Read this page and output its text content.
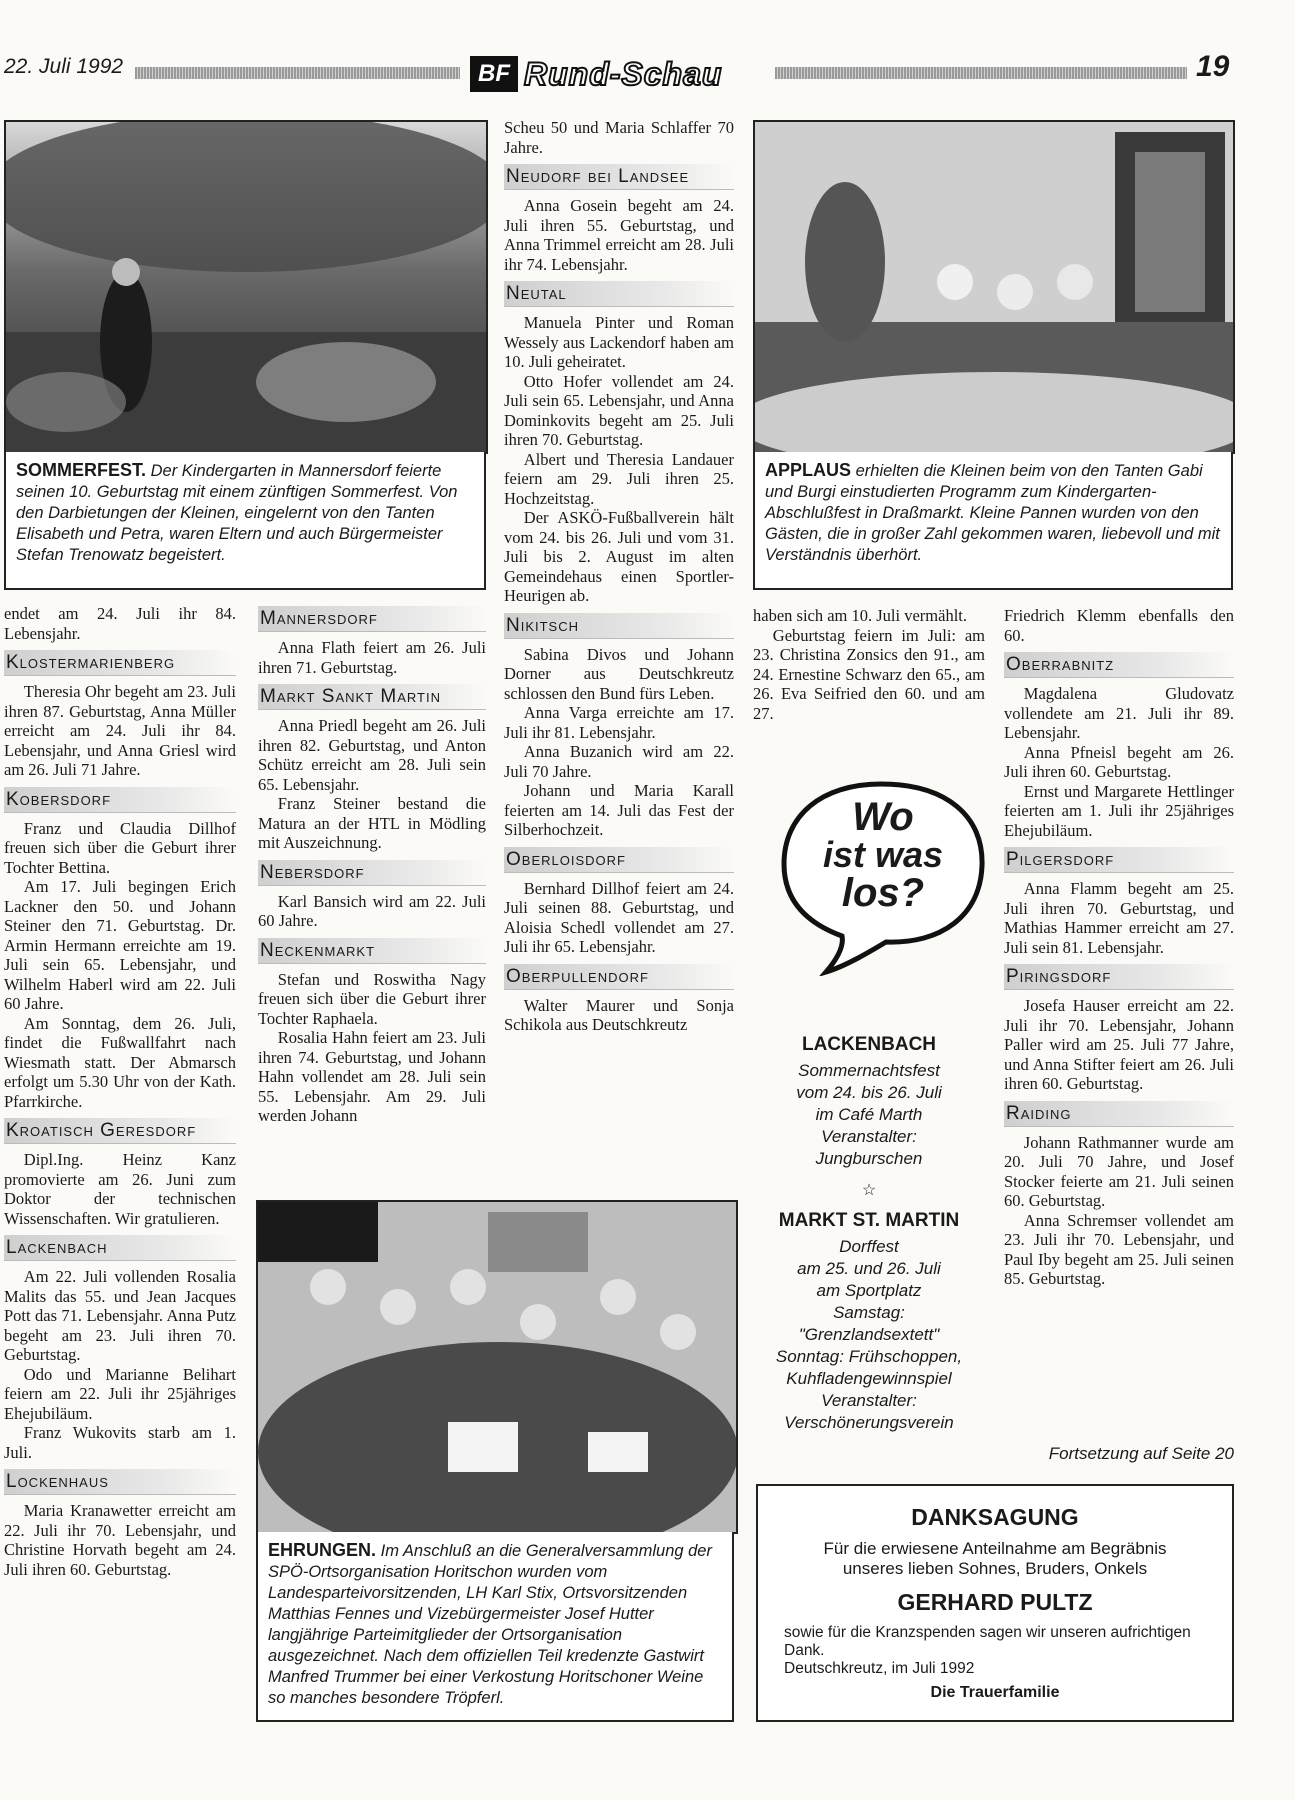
22. Juli 1992	BF Rund-Schau	19
SOMMERFEST. Der Kindergarten in Mannersdorf feierte seinen 10. Geburtstag mit einem zünftigen Sommerfest. Von den Darbietungen der Kleinen, eingelernt von den Tanten Elisabeth und Petra, waren Eltern und auch Bürgermeister Stefan Trenowatz begeistert.
APPLAUS erhielten die Kleinen beim von den Tanten Gabi und Burgi einstudierten Programm zum Kindergarten-Abschlußfest in Draßmarkt. Kleine Pannen wurden von den Gästen, die in großer Zahl gekommen waren, liebevoll und mit Verständnis überhört.

Scheu 50 und Maria Schlaffer 70 Jahre.

Neudorf bei Landsee

Anna Gosein begeht am 24. Juli ihren 55. Geburtstag, und Anna Trimmel erreicht am 28. Juli ihr 74. Lebensjahr.

Neutal

Manuela Pinter und Roman Wessely aus Lackendorf haben am 10. Juli geheiratet.

Otto Hofer vollendet am 24. Juli sein 65. Lebensjahr, und Anna Dominkovits begeht am 25. Juli ihren 70. Geburtstag.

Albert und Theresia Landauer feiern am 29. Juli ihren 25. Hochzeitstag.

Der ASKÖ-Fußballverein hält vom 24. bis 26. Juli und vom 31. Juli bis 2. August im alten Gemeindehaus einen Sportler-Heurigen ab.

Nikitsch

Sabina Divos und Johann Dorner aus Deutschkreutz schlossen den Bund fürs Leben.

Anna Varga erreichte am 17. Juli ihr 81. Lebensjahr.

Anna Buzanich wird am 22. Juli 70 Jahre.

Johann und Maria Karall feierten am 14. Juli das Fest der Silberhochzeit.

Oberloisdorf

Bernhard Dillhof feiert am 24. Juli seinen 88. Geburtstag, und Aloisia Schedl vollendet am 27. Juli ihr 65. Lebensjahr.

Oberpullendorf

Walter Maurer und Sonja Schikola aus Deutschkreutz

endet am 24. Juli ihr 84. Lebensjahr.

Klostermarienberg

Theresia Ohr begeht am 23. Juli ihren 87. Geburtstag, Anna Müller erreicht am 24. Juli ihr 84. Lebensjahr, und Anna Griesl wird am 26. Juli 71 Jahre.

Kobersdorf

Franz und Claudia Dillhof freuen sich über die Geburt ihrer Tochter Bettina.

Am 17. Juli begingen Erich Lackner den 50. und Johann Steiner den 71. Geburtstag. Dr. Armin Hermann erreichte am 19. Juli sein 65. Lebensjahr, und Wilhelm Haberl wird am 22. Juli 60 Jahre.

Am Sonntag, dem 26. Juli, findet die Fußwallfahrt nach Wiesmath statt. Der Abmarsch erfolgt um 5.30 Uhr von der Kath. Pfarrkirche.

Kroatisch Geresdorf

Dipl.Ing. Heinz Kanz promovierte am 26. Juni zum Doktor der technischen Wissenschaften. Wir gratulieren.

Lackenbach

Am 22. Juli vollenden Rosalia Malits das 55. und Jean Jacques Pott das 71. Lebensjahr. Anna Putz begeht am 23. Juli ihren 70. Geburtstag.

Odo und Marianne Belihart feiern am 22. Juli ihr 25jähriges Ehejubiläum.

Franz Wukovits starb am 1. Juli.

Lockenhaus

Maria Kranawetter erreicht am 22. Juli ihr 70. Lebensjahr, und Christine Horvath begeht am 24. Juli ihren 60. Geburtstag.

Mannersdorf

Anna Flath feiert am 26. Juli ihren 71. Geburtstag.

Markt Sankt Martin

Anna Priedl begeht am 26. Juli ihren 82. Geburtstag, und Anton Schütz erreicht am 28. Juli sein 65. Lebensjahr.

Franz Steiner bestand die Matura an der HTL in Mödling mit Auszeichnung.

Nebersdorf

Karl Bansich wird am 22. Juli 60 Jahre.

Neckenmarkt

Stefan und Roswitha Nagy freuen sich über die Geburt ihrer Tochter Raphaela.

Rosalia Hahn feiert am 23. Juli ihren 74. Geburtstag, und Johann Hahn vollendet am 28. Juli sein 55. Lebensjahr. Am 29. Juli werden Johann

EHRUNGEN. Im Anschluß an die Generalversammlung der SPÖ-Ortsorganisation Horitschon wurden vom Landesparteivorsitzenden, LH Karl Stix, Ortsvorsitzenden Matthias Fennes und Vizebürgermeister Josef Hutter langjährige Parteimitglieder der Ortsorganisation ausgezeichnet. Nach dem offiziellen Teil kredenzte Gastwirt Manfred Trummer bei einer Verkostung Horitschoner Weine so manches besondere Tröpferl.

haben sich am 10. Juli vermählt.

Geburtstag feiern im Juli: am 23. Christina Zonsics den 91., am 24. Ernestine Schwarz den 65., am 26. Eva Seifried den 60. und am 27.

Wo
ist was
los?
LACKENBACH
Sommernachtsfest
vom 24. bis 26. Juli
im Café Marth
Veranstalter:
Jungburschen
☆
MARKT ST. MARTIN
Dorffest
am 25. und 26. Juli
am Sportplatz
Samstag:
"Grenzlandsextett"
Sonntag: Frühschoppen,
Kuhfladengewinnspiel
Veranstalter:
Verschönerungsverein

Friedrich Klemm ebenfalls den 60.

Oberrabnitz

Magdalena Gludovatz vollendete am 21. Juli ihr 89. Lebensjahr.

Anna Pfneisl begeht am 26. Juli ihren 60. Geburtstag.

Ernst und Margarete Hettlinger feierten am 1. Juli ihr 25jähriges Ehejubiläum.

Pilgersdorf

Anna Flamm begeht am 25. Juli ihren 70. Geburtstag, und Mathias Hammer erreicht am 27. Juli sein 81. Lebensjahr.

Piringsdorf

Josefa Hauser erreicht am 22. Juli ihr 70. Lebensjahr, Johann Paller wird am 25. Juli 77 Jahre, und Anna Stifter feiert am 26. Juli ihren 60. Geburtstag.

Raiding

Johann Rathmanner wurde am 20. Juli 70 Jahre, und Josef Stocker feierte am 21. Juli seinen 60. Geburtstag.

Anna Schremser vollendet am 23. Juli ihr 70. Lebensjahr, und Paul Iby begeht am 25. Juli seinen 85. Geburtstag.

Fortsetzung auf Seite 20
DANKSAGUNG
Für die erwiesene Anteilnahme am Begräbnis
unseres lieben Sohnes, Bruders, Onkels
GERHARD PULTZ
sowie für die Kranzspenden sagen wir unseren aufrichtigen Dank.
Deutschkreutz, im Juli 1992
Die Trauerfamilie
